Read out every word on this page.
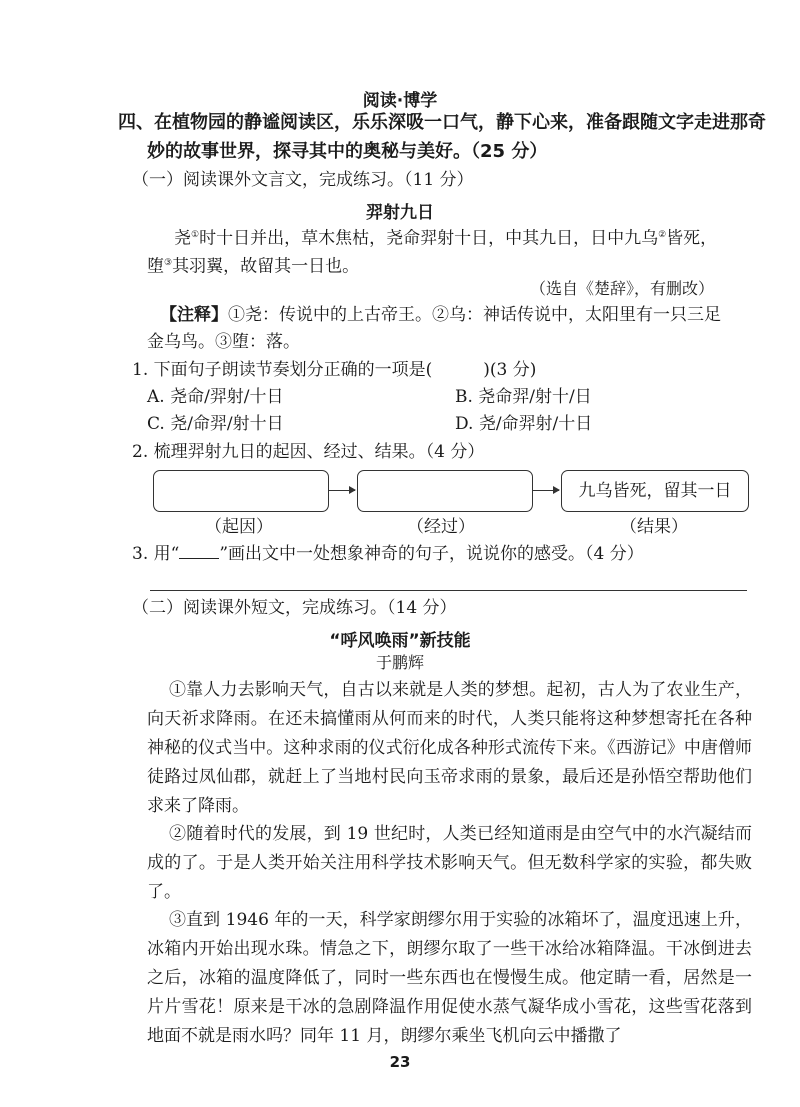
阅读·博学
四、在植物园的静谧阅读区，乐乐深吸一口气，静下心来，准备跟随文字走进那奇
妙的故事世界，探寻其中的奥秘与美好。（25 分）
（一）阅读课外文言文，完成练习。（11 分）
羿射九日
尧①时十日并出，草木焦枯，尧命羿射十日，中其九日，日中九乌②皆死，
堕③其羽翼，故留其一日也。
（选自《楚辞》，有删改）
【注释】①尧：传说中的上古帝王。②乌：神话传说中，太阳里有一只三足
金乌鸟。③堕：落。
1. 下面句子朗读节奏划分正确的一项是(　　　)(3 分)
A. 尧命/羿射/十日	B. 尧命羿/射十/日
C. 尧/命羿/射十日	D. 尧/命羿射/十日
2. 梳理羿射九日的起因、经过、结果。（4 分）
九乌皆死，留其一日
（起因）	（经过）	（结果）
3. 用“ ”画出文中一处想象神奇的句子，说说你的感受。（4 分）
（二）阅读课外短文，完成练习。（14 分）
“呼风唤雨”新技能
于鹏辉
①靠人力去影响天气，自古以来就是人类的梦想。起初，古人为了农业生产，向天祈求降雨。在还未搞懂雨从何而来的时代，人类只能将这种梦想寄托在各种神秘的仪式当中。这种求雨的仪式衍化成各种形式流传下来。《西游记》中唐僧师徒路过凤仙郡，就赶上了当地村民向玉帝求雨的景象，最后还是孙悟空帮助他们求来了降雨。
②随着时代的发展，到 19 世纪时，人类已经知道雨是由空气中的水汽凝结而成的了。于是人类开始关注用科学技术影响天气。但无数科学家的实验，都失败了。
③直到 1946 年的一天，科学家朗缪尔用于实验的冰箱坏了，温度迅速上升，冰箱内开始出现水珠。情急之下，朗缪尔取了一些干冰给冰箱降温。干冰倒进去之后，冰箱的温度降低了，同时一些东西也在慢慢生成。他定睛一看，居然是一片片雪花！原来是干冰的急剧降温作用促使水蒸气凝华成小雪花，这些雪花落到地面不就是雨水吗？同年 11 月，朗缪尔乘坐飞机向云中播撒了
23
